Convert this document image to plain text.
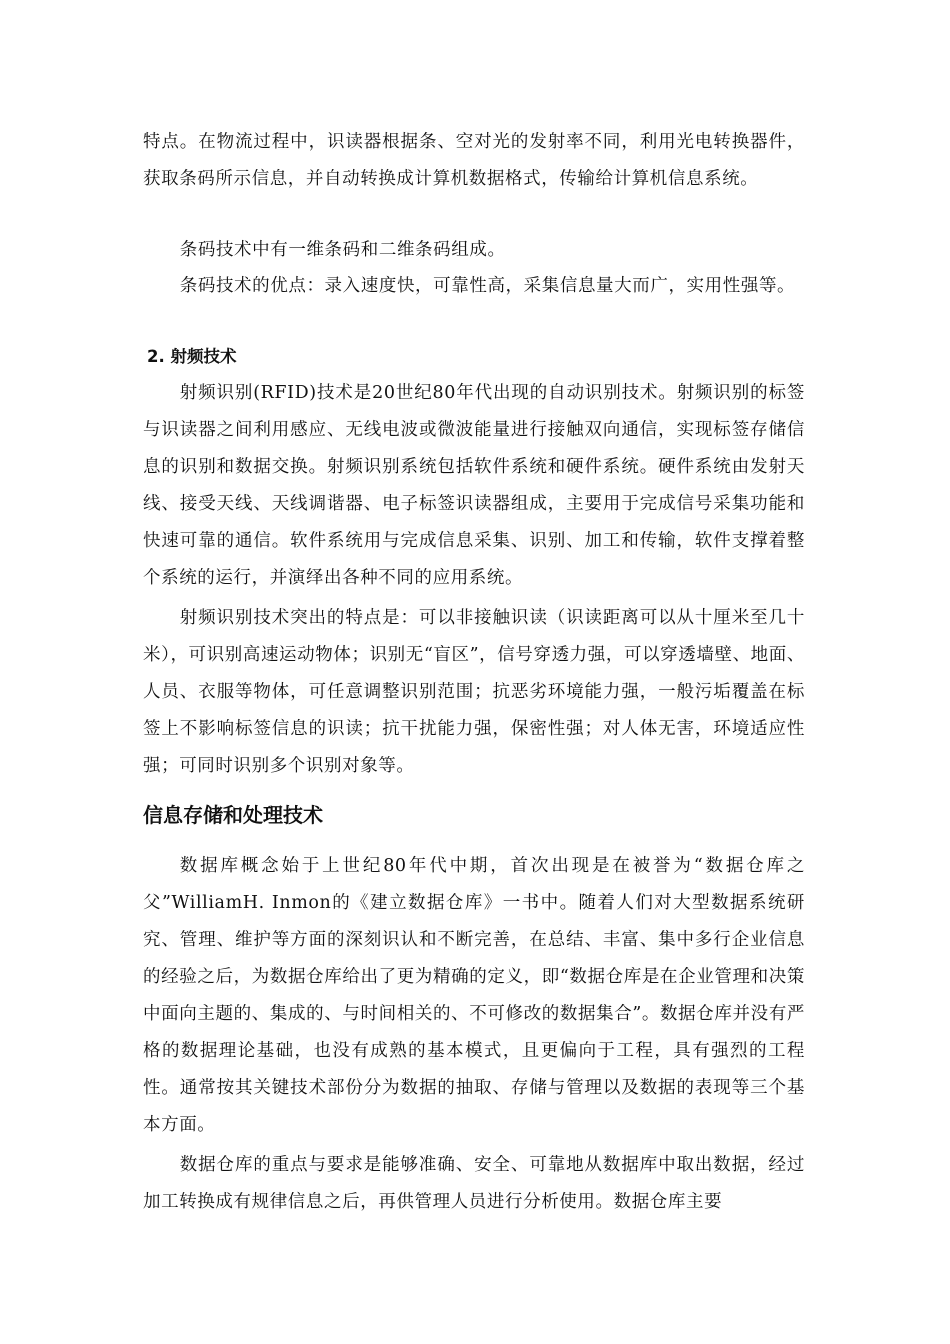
特点。在物流过程中，识读器根据条、空对光的发射率不同，利用光电转换器件，获取条码所示信息，并自动转换成计算机数据格式，传输给计算机信息系统。

条码技术中有一维条码和二维条码组成。

条码技术的优点：录入速度快，可靠性高，采集信息量大而广，实用性强等。

2. 射频技术

射频识别(RFID)技术是20世纪80年代出现的自动识别技术。射频识别的标签与识读器之间利用感应、无线电波或微波能量进行接触双向通信，实现标签存储信息的识别和数据交换。射频识别系统包括软件系统和硬件系统。硬件系统由发射天线、接受天线、天线调谐器、电子标签识读器组成，主要用于完成信号采集功能和快速可靠的通信。软件系统用与完成信息采集、识别、加工和传输，软件支撑着整个系统的运行，并演绎出各种不同的应用系统。

射频识别技术突出的特点是：可以非接触识读（识读距离可以从十厘米至几十米），可识别高速运动物体；识别无“盲区”，信号穿透力强，可以穿透墙壁、地面、人员、衣服等物体，可任意调整识别范围；抗恶劣环境能力强，一般污垢覆盖在标签上不影响标签信息的识读；抗干扰能力强，保密性强；对人体无害，环境适应性强；可同时识别多个识别对象等。

信息存储和处理技术

数据库概念始于上世纪80年代中期，首次出现是在被誉为“数据仓库之父”WilliamH. Inmon的《建立数据仓库》一书中。随着人们对大型数据系统研究、管理、维护等方面的深刻识认和不断完善，在总结、丰富、集中多行企业信息的经验之后，为数据仓库给出了更为精确的定义，即“数据仓库是在企业管理和决策中面向主题的、集成的、与时间相关的、不可修改的数据集合”。数据仓库并没有严格的数据理论基础，也没有成熟的基本模式，且更偏向于工程，具有强烈的工程性。通常按其关键技术部份分为数据的抽取、存储与管理以及数据的表现等三个基本方面。

数据仓库的重点与要求是能够准确、安全、可靠地从数据库中取出数据，经过加工转换成有规律信息之后，再供管理人员进行分析使用。数据仓库主要
